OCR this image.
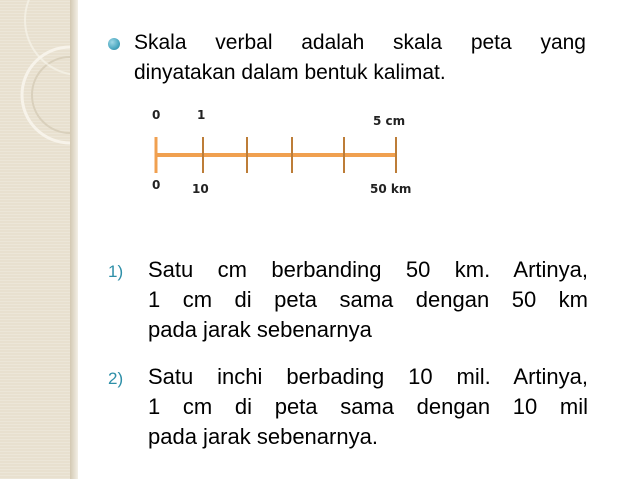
Skala verbal adalah skala peta yang
dinyatakan dalam bentuk kalimat.
0	1	5 cm
0	10	50 km
1) Satu cm berbanding 50 km. Artinya,
1 cm di peta sama dengan 50 km
pada jarak sebenarnya
2) Satu inchi berbading 10 mil. Artinya,
1 cm di peta sama dengan 10 mil
pada jarak sebenarnya.
